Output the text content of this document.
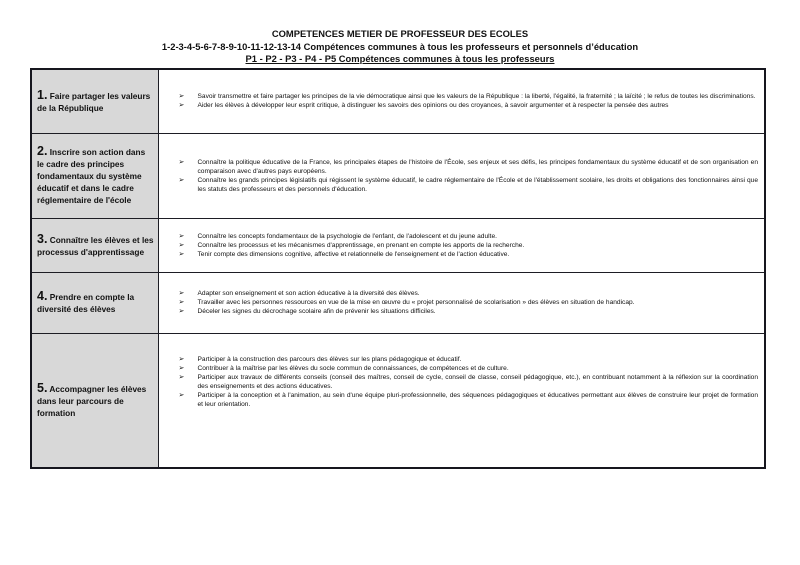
COMPETENCES METIER DE PROFESSEUR DES ECOLES
1-2-3-4-5-6-7-8-9-10-11-12-13-14 Compétences communes à tous les professeurs et personnels d’éducation
P1 - P2 - P3 - P4 - P5 Compétences communes à tous les professeurs
1. Faire partager les valeurs de la République	
➢ Savoir transmettre et faire partager les principes de la vie démocratique ainsi que les valeurs de la République : la liberté, l'égalité, la fraternité ; la laïcité ; le refus de toutes les discriminations.
➢ Aider les élèves à développer leur esprit critique, à distinguer les savoirs des opinions ou des croyances, à savoir argumenter et à respecter la pensée des autres

2. Inscrire son action dans le cadre des principes fondamentaux du système éducatif et dans le cadre réglementaire de l'école	
➢ Connaître la politique éducative de la France, les principales étapes de l'histoire de l'École, ses enjeux et ses défis, les principes fondamentaux du système éducatif et de son organisation en comparaison avec d'autres pays européens.
➢ Connaître les grands principes législatifs qui régissent le système éducatif, le cadre réglementaire de l'École et de l'établissement scolaire, les droits et obligations des fonctionnaires ainsi que les statuts des professeurs et des personnels d'éducation.

3. Connaître les élèves et les processus d'apprentissage	
➢ Connaître les concepts fondamentaux de la psychologie de l'enfant, de l'adolescent et du jeune adulte.
➢ Connaître les processus et les mécanismes d'apprentissage, en prenant en compte les apports de la recherche.
➢ Tenir compte des dimensions cognitive, affective et relationnelle de l'enseignement et de l'action éducative.

4. Prendre en compte la diversité des élèves	
➢ Adapter son enseignement et son action éducative à la diversité des élèves.
➢ Travailler avec les personnes ressources en vue de la mise en œuvre du « projet personnalisé de scolarisation » des élèves en situation de handicap.
➢ Déceler les signes du décrochage scolaire afin de prévenir les situations difficiles.

5. Accompagner les élèves dans leur parcours de formation	
➢ Participer à la construction des parcours des élèves sur les plans pédagogique et éducatif.
➢ Contribuer à la maîtrise par les élèves du socle commun de connaissances, de compétences et de culture.
➢ Participer aux travaux de différents conseils (conseil des maîtres, conseil de cycle, conseil de classe, conseil pédagogique, etc.), en contribuant notamment à la réflexion sur la coordination des enseignements et des actions éducatives.
➢ Participer à la conception et à l'animation, au sein d'une équipe pluri-professionnelle, des séquences pédagogiques et éducatives permettant aux élèves de construire leur projet de formation et leur orientation.
